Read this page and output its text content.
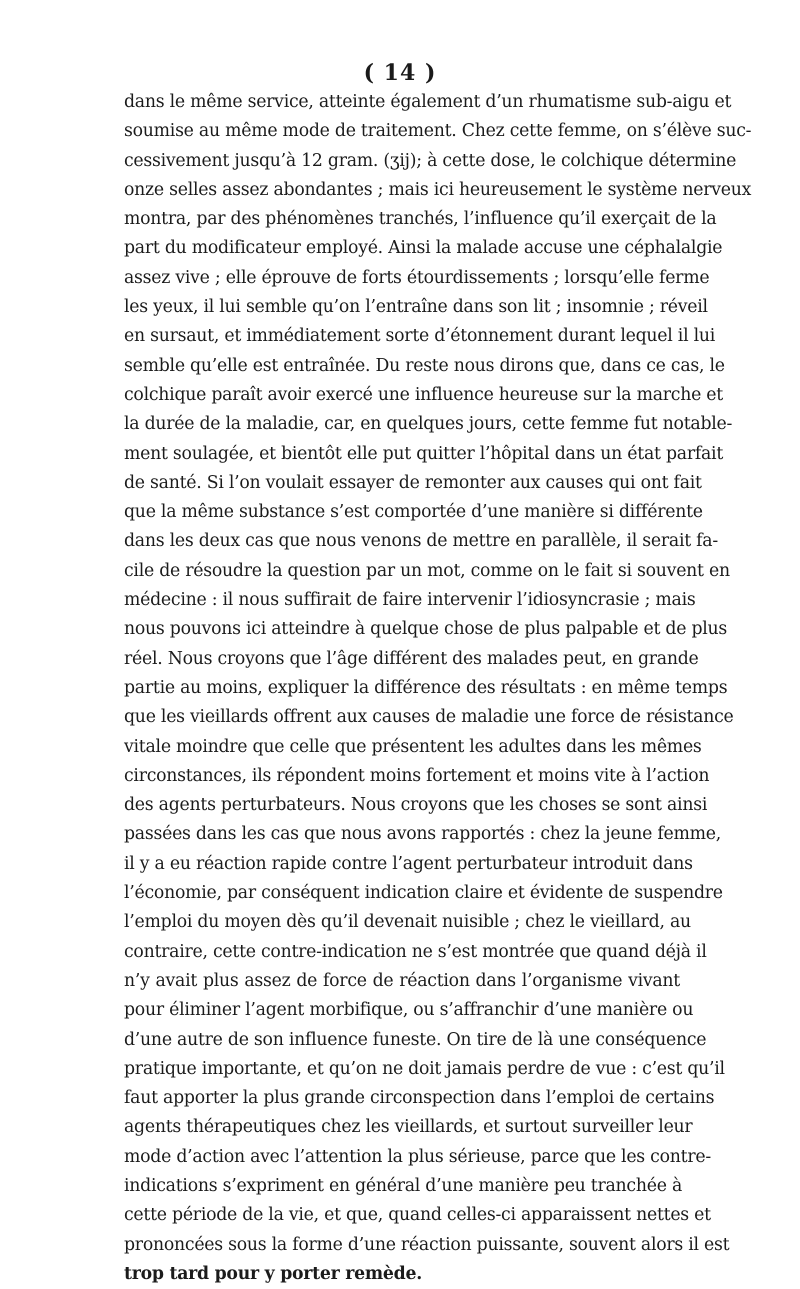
( 14 )
dans le même service, atteinte également d’un rhumatisme sub-aigu et
soumise au même mode de traitement. Chez cette femme, on s’élève suc-
cessivement jusqu’à 12 gram. (ʒij); à cette dose, le colchique détermine
onze selles assez abondantes ; mais ici heureusement le système nerveux
montra, par des phénomènes tranchés, l’influence qu’il exerçait de la
part du modificateur employé. Ainsi la malade accuse une céphalalgie
assez vive ; elle éprouve de forts étourdissements ; lorsqu’elle ferme
les yeux, il lui semble qu’on l’entraîne dans son lit ; insomnie ; réveil
en sursaut, et immédiatement sorte d’étonnement durant lequel il lui
semble qu’elle est entraînée. Du reste nous dirons que, dans ce cas, le
colchique paraît avoir exercé une influence heureuse sur la marche et
la durée de la maladie, car, en quelques jours, cette femme fut notable-
ment soulagée, et bientôt elle put quitter l’hôpital dans un état parfait
de santé. Si l’on voulait essayer de remonter aux causes qui ont fait
que la même substance s’est comportée d’une manière si différente
dans les deux cas que nous venons de mettre en parallèle, il serait fa-
cile de résoudre la question par un mot, comme on le fait si souvent en
médecine : il nous suffirait de faire intervenir l’idiosyncrasie ; mais
nous pouvons ici atteindre à quelque chose de plus palpable et de plus
réel. Nous croyons que l’âge différent des malades peut, en grande
partie au moins, expliquer la différence des résultats : en même temps
que les vieillards offrent aux causes de maladie une force de résistance
vitale moindre que celle que présentent les adultes dans les mêmes
circonstances, ils répondent moins fortement et moins vite à l’action
des agents perturbateurs. Nous croyons que les choses se sont ainsi
passées dans les cas que nous avons rapportés : chez la jeune femme,
il y a eu réaction rapide contre l’agent perturbateur introduit dans
l’économie, par conséquent indication claire et évidente de suspendre
l’emploi du moyen dès qu’il devenait nuisible ; chez le vieillard, au
contraire, cette contre-indication ne s’est montrée que quand déjà il
n’y avait plus assez de force de réaction dans l’organisme vivant
pour éliminer l’agent morbifique, ou s’affranchir d’une manière ou
d’une autre de son influence funeste. On tire de là une conséquence
pratique importante, et qu’on ne doit jamais perdre de vue : c’est qu’il
faut apporter la plus grande circonspection dans l’emploi de certains
agents thérapeutiques chez les vieillards, et surtout surveiller leur
mode d’action avec l’attention la plus sérieuse, parce que les contre-
indications s’expriment en général d’une manière peu tranchée à
cette période de la vie, et que, quand celles-ci apparaissent nettes et
prononcées sous la forme d’une réaction puissante, souvent alors il est
trop tard pour y porter remède.
